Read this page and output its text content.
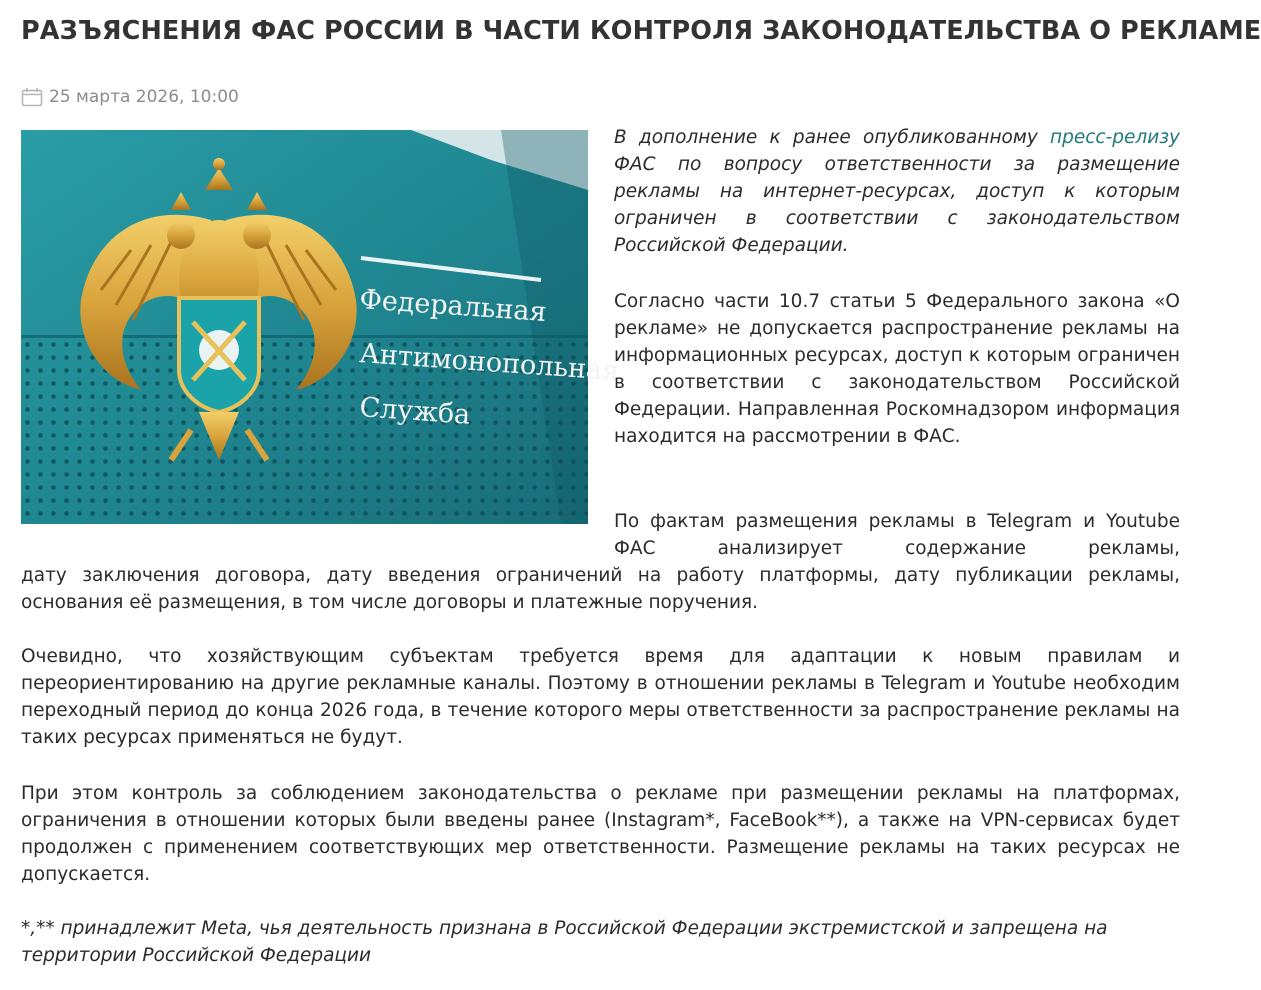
РАЗЪЯСНЕНИЯ ФАС РОССИИ В ЧАСТИ КОНТРОЛЯ ЗАКОНОДАТЕЛЬСТВА О РЕКЛАМЕ
25 марта 2026, 10:00
Федеральная
Антимонопольная
Служба

В дополнение к ранее опубликованному пресс-релизу ФАС по вопросу ответственности за размещение рекламы на интернет-ресурсах, доступ к которым ограничен в соответствии с законодательством Российской Федерации.

Согласно части 10.7 статьи 5 Федерального закона «О рекламе» не допускается распространение рекламы на информационных ресурсах, доступ к которым ограничен в соответствии с законодательством Российской Федерации. Направленная Роскомнадзором информация находится на рассмотрении в ФАС.

По фактам размещения рекламы в Telegram и Youtube ФАС анализирует содержание рекламы,

дату заключения договора, дату введения ограничений на работу платформы, дату публикации рекламы, основания её размещения, в том числе договоры и платежные поручения.

Очевидно, что хозяйствующим субъектам требуется время для адаптации к новым правилам и переориентированию на другие рекламные каналы. Поэтому в отношении рекламы в Telegram и Youtube необходим переходный период до конца 2026 года, в течение которого меры ответственности за распространение рекламы на таких ресурсах применяться не будут.

При этом контроль за соблюдением законодательства о рекламе при размещении рекламы на платформах, ограничения в отношении которых были введены ранее (Instagram*, FaceBook**), а также на VPN-сервисах будет продолжен с применением соответствующих мер ответственности. Размещение рекламы на таких ресурсах не допускается.

*,** принадлежит Meta, чья деятельность признана в Российской Федерации экстремистской и запрещена на территории Российской Федерации
